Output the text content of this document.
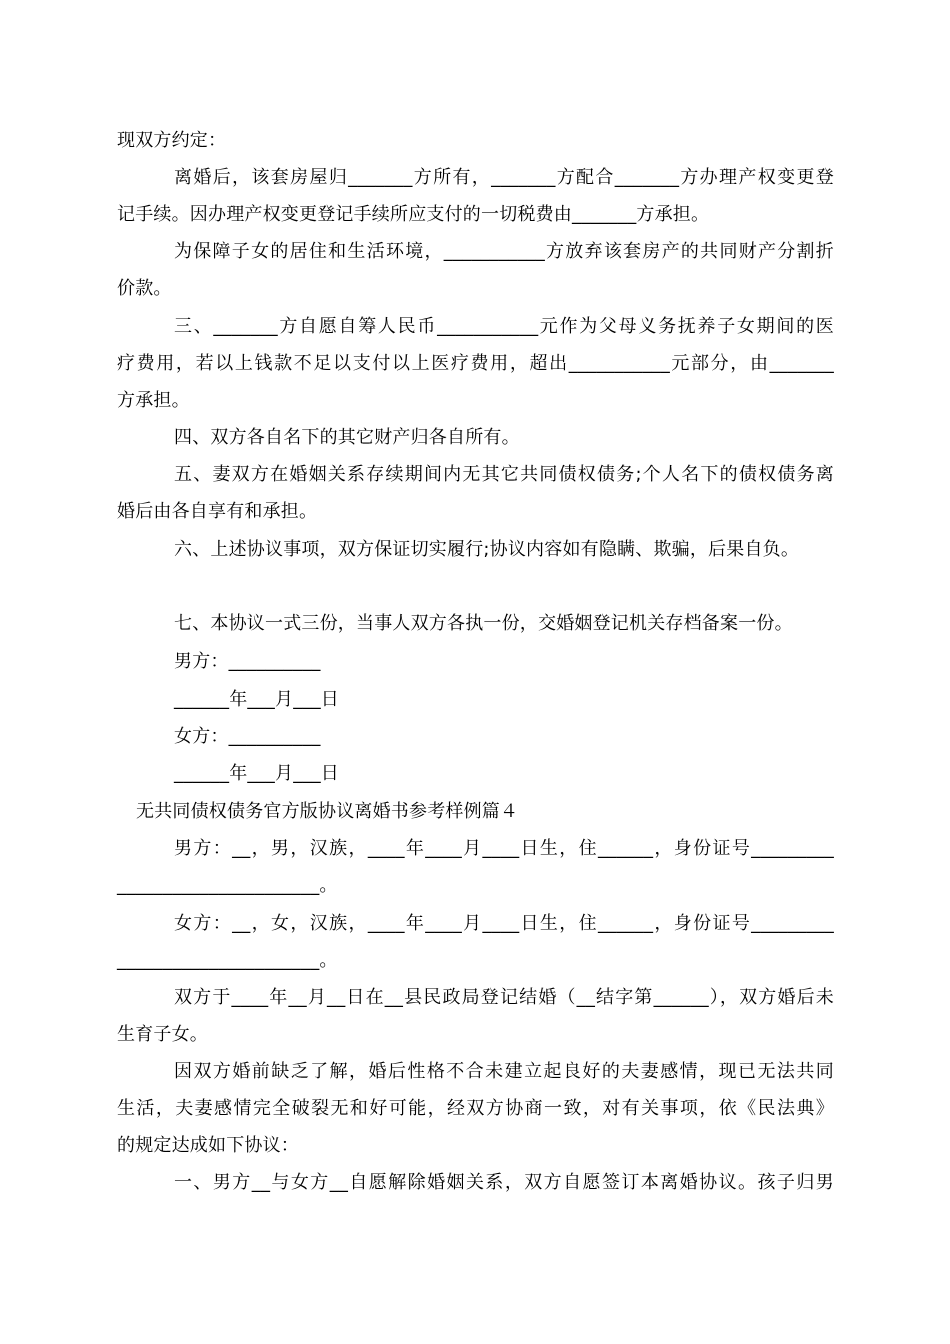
现双方约定：
离婚后，该套房屋归_______方所有，_______方配合_______方办理产权变更登
记手续。因办理产权变更登记手续所应支付的一切税费由_______方承担。
为保障子女的居住和生活环境，___________方放弃该套房产的共同财产分割折
价款。
三、_______方自愿自筹人民币___________元作为父母义务抚养子女期间的医
疗费用，若以上钱款不足以支付以上医疗费用，超出___________元部分，由_______
方承担。
四、双方各自名下的其它财产归各自所有。
五、妻双方在婚姻关系存续期间内无其它共同债权债务;个人名下的债权债务离
婚后由各自享有和承担。
六、上述协议事项，双方保证切实履行;协议内容如有隐瞒、欺骗，后果自负。
七、本协议一式三份，当事人双方各执一份，交婚姻登记机关存档备案一份。
男方：__________
______年___月___日
女方：__________
______年___月___日
无共同债权债务官方版协议离婚书参考样例篇４
男方：__，男，汉族，____年____月____日生，住______，身份证号_________
______________________。
女方：__，女，汉族，____年____月____日生，住______，身份证号_________
______________________。
双方于____年__月__日在__县民政局登记结婚（__结字第______），双方婚后未
生育子女。
因双方婚前缺乏了解，婚后性格不合未建立起良好的夫妻感情，现已无法共同
生活，夫妻感情完全破裂无和好可能，经双方协商一致，对有关事项，依《民法典》
的规定达成如下协议：
一、男方__与女方__自愿解除婚姻关系，双方自愿签订本离婚协议。孩子归男
